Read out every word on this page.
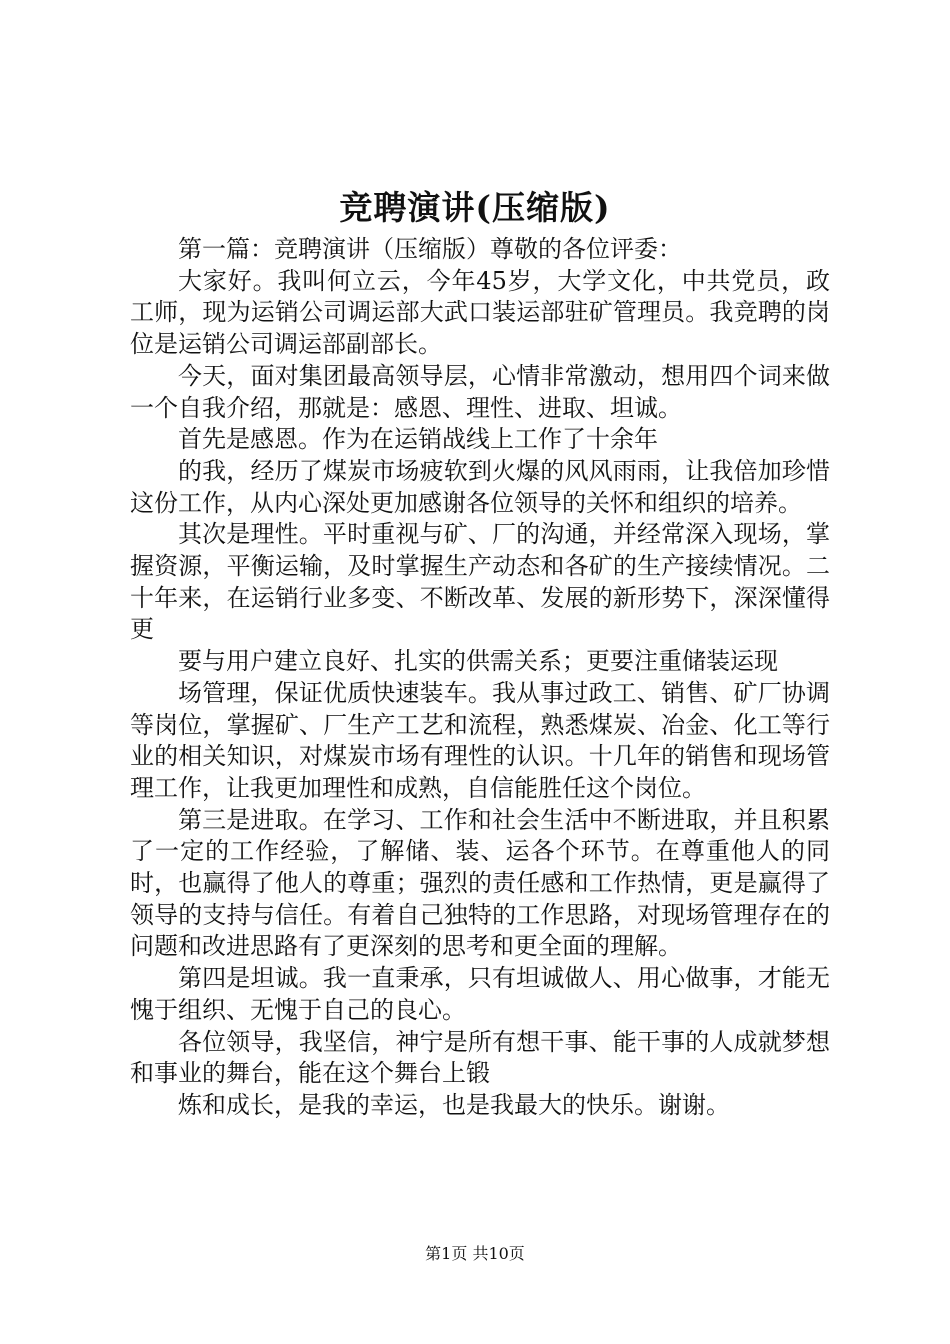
竞聘演讲(压缩版)

第一篇：竞聘演讲（压缩版）尊敬的各位评委：

大家好。我叫何立云，今年45岁，大学文化，中共党员，政工师，现为运销公司调运部大武口装运部驻矿管理员。我竞聘的岗位是运销公司调运部副部长。

今天，面对集团最高领导层，心情非常激动，想用四个词来做一个自我介绍，那就是：感恩、理性、进取、坦诚。

首先是感恩。作为在运销战线上工作了十余年

的我，经历了煤炭市场疲软到火爆的风风雨雨，让我倍加珍惜这份工作，从内心深处更加感谢各位领导的关怀和组织的培养。

其次是理性。平时重视与矿、厂的沟通，并经常深入现场，掌握资源，平衡运输，及时掌握生产动态和各矿的生产接续情况。二十年来，在运销行业多变、不断改革、发展的新形势下，深深懂得更

要与用户建立良好、扎实的供需关系；更要注重储装运现

场管理，保证优质快速装车。我从事过政工、销售、矿厂协调等岗位，掌握矿、厂生产工艺和流程，熟悉煤炭、冶金、化工等行业的相关知识，对煤炭市场有理性的认识。十几年的销售和现场管理工作，让我更加理性和成熟，自信能胜任这个岗位。

第三是进取。在学习、工作和社会生活中不断进取，并且积累了一定的工作经验，了解储、装、运各个环节。在尊重他人的同时，也赢得了他人的尊重；强烈的责任感和工作热情，更是赢得了领导的支持与信任。有着自己独特的工作思路，对现场管理存在的问题和改进思路有了更深刻的思考和更全面的理解。

第四是坦诚。我一直秉承，只有坦诚做人、用心做事，才能无愧于组织、无愧于自己的良心。

各位领导，我坚信，神宁是所有想干事、能干事的人成就梦想和事业的舞台，能在这个舞台上锻

炼和成长，是我的幸运，也是我最大的快乐。谢谢。

第1页 共10页
